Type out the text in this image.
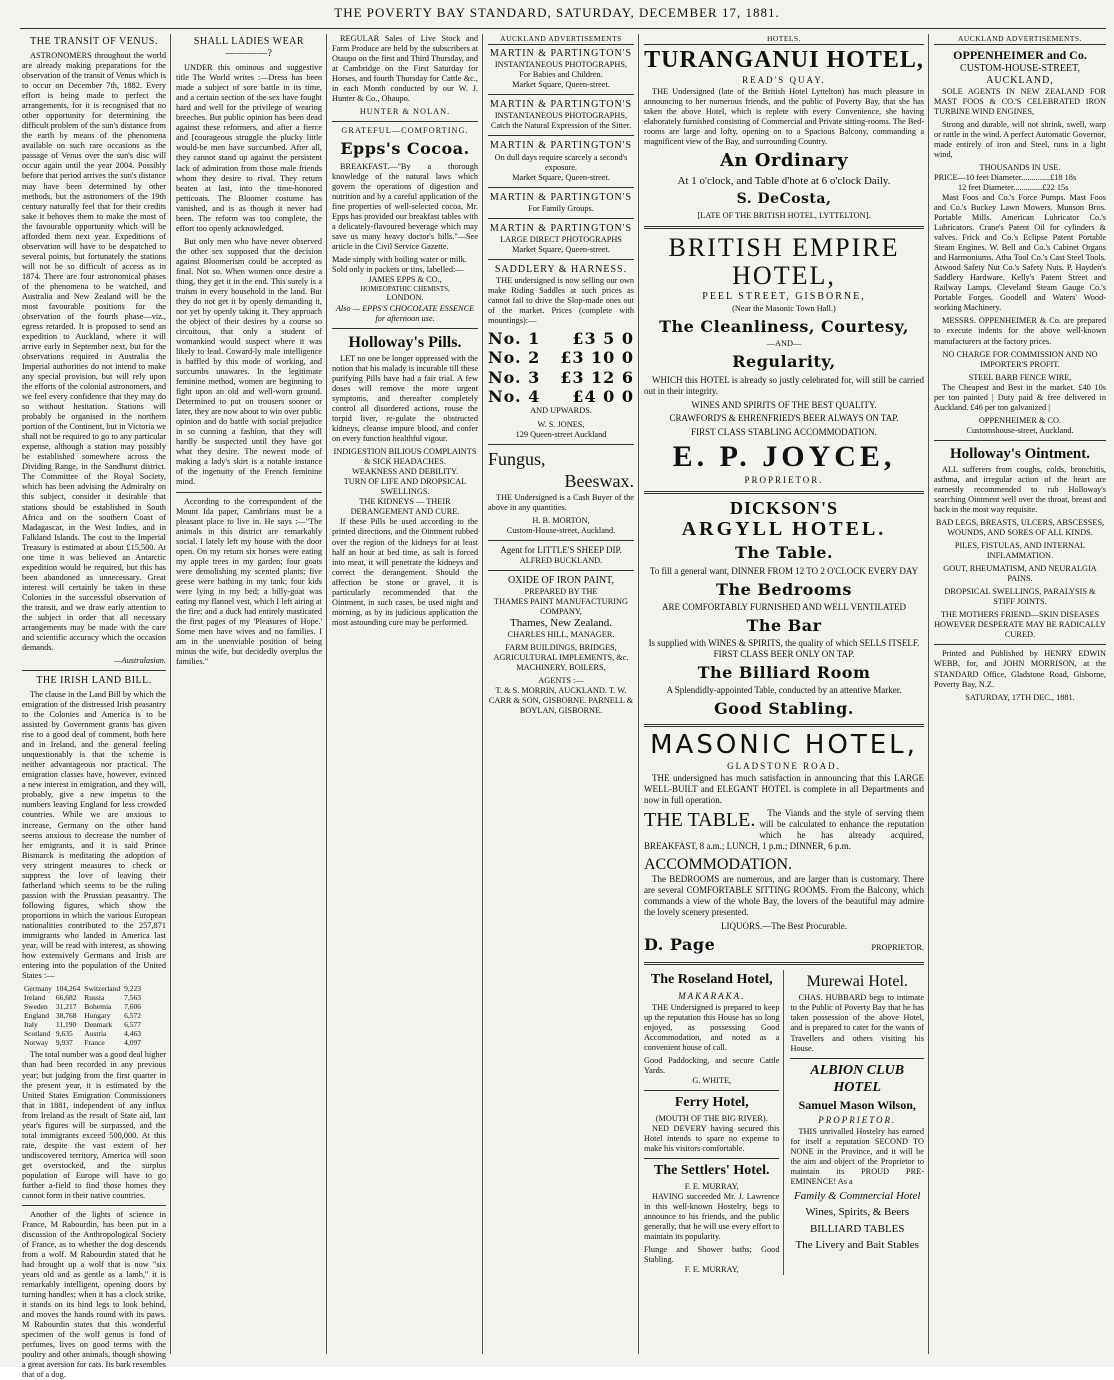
THE POVERTY BAY STANDARD, SATURDAY, DECEMBER 17, 1881.
THE TRANSIT OF VENUS.

ASTRONOMERS throughout the world are already making preparations for the observation of the transit of Venus which is to occur on December 7th, 1882. Every effort is being made to perfect the arrangements, for it is recognised that no other opportunity for determining the difficult problem of the sun's distance from the earth by means of the phenomena available on such rare occasions as the passage of Venus over the sun's disc will occur again until the year 2004. Possibly before that period arrives the sun's distance may have been determined by other methods, but the astronomers of the 19th century naturally feel that for their credits sake it behoves them to make the most of the favourable opportunity which will be afforded them next year. Expeditions of observation will have to be despatched to several points, but fortunately the stations will not be so difficult of access as in 1874. There are four astronomical phases of the phenomena to be watched, and Australia and New Zealand will be the most favourable positions for the observation of the fourth phase—viz., egress retarded. It is proposed to send an expedition to Auckland, where it will arrive early in September next, but for the observations required in Australia the Imperial authorities do not intend to make any special provision, but will rely upon the efforts of the colonial astronomers, and we feel every confidence that they may do so without hesitation. Stations will probably be organised in the northern portion of the Continent, but in Victoria we shall not be required to go to any particular expense, although a station may possibly be established somewhere across the Dividing Range, in the Sandhurst district. The Committee of the Royal Society, which has been advising the Admiralty on this subject, consider it desirable that stations should be established in South Africa and on the southern Coast of Madagascar, in the West Indies, and in Falkland Islands. The cost to the Imperial Treasury is estimated at about £15,500. At one time it was believed an Antarctic expedition would be required, but this has been abandoned as unnecessary. Great interest will certainly be taken in these Colonies in the successful observation of the transit, and we draw early attention to the subject in order that all necessary arrangements may be made with the care and scientific accuracy which the occasion demands.

—Australasian.
THE IRISH LAND BILL.

The clause in the Land Bill by which the emigration of the distressed Irish peasantry to the Colonies and America is to be assisted by Government grants has given rise to a good deal of comment, both here and in Ireland, and the general feeling unquestionably is that the scheme is neither advantageous nor practical. The emigration classes have, however, evinced a new interest in emigration, and they will, probably, give a new impetus to the numbers leaving England for less crowded countries. While we are anxious to increase, Germany on the other hand seems anxious to decrease the number of her emigrants, and it is said Prince Bismarck is meditating the adoption of very stringent measures to check or suppress the love of leaving their fatherland which seems to be the ruling passion with the Prussian peasantry. The following figures, which show the proportions in which the various European nationalities contributed to the 257,871 immigrants who landed in America last year, will be read with interest, as showing how extensively Germans and Irish are entering into the population of the United States :—

Germany	104,264	Switzerland	9,223
Ireland	66,682	Russia	7,563
Sweden	31,217	Bohemia	7,606
England	38,768	Hungary	6,572
Italy	11,190	Denmark	6,577
Scotland	9,635	Austria	4,463
Norway	9,937	France	4,097

The total number was a good deal higher than had been recorded in any previous year; but judging from the first quarter in the present year, it is estimated by the United States Emigration Commissioners that in 1881, independent of any influx from Ireland as the result of State aid, last year's figures will be surpassed, and the total immigrants exceed 500,000. At this rate, despite the vast extent of her undiscovered territory, America will soon get overstocked, and the surplus population of Europe will have to go further a-field to find those homes they cannot form in their native countries.

Another of the lights of science in France, M Rabourdin, has been put in a discussion of the Anthropological Society of France, as to whether the dog descends from a wolf. M Rabourdin stated that he had brought up a wolf that is now "six years old and as gentle as a lamb," it is remarkably intelligent, opening doors by turning handles; when it has a clock strike, it stands on its hind legs to look behind, and moves the hands round with its paws. M Rabourdin states that this wonderful specimen of the wolf genus is fond of perfumes, lives on good terms with the poultry and other animals, though showing a great aversion for cats. Its bark resembles that of a dog.

SHALL LADIES WEAR ————?

UNDER this ominous and suggestive title The World writes :—Dress has been made a subject of sore battle in its time, and a certain section of the sex have fought hard and well for the privilege of wearing breeches. But public opinion has been dead against these reformers, and after a fierce and [courageous struggle the plucky little would-be men have succumbed. After all, they cannot stand up against the persistent lack of admiration from those male friends whom they desire to rival. They return beaten at last, into the time-honored petticoats. The Bloomer costume has vanished, and is as though it never had been. The reform was too complete, the effort too openly acknowledged.

But only men who have never observed the other sex supposed that the decision against Bloomerism could be accepted as final. Not so. When women once desire a thing, they get it in the end. This surely is a truism in every household in the land. But they do not get it by openly demanding it, nor yet by openly taking it. They approach the object of their desires by a course so circuitous, that only a student of womankind would suspect where it was likely to lead. Coward-ly male intelligence is baffled by this mode of working, and succumbs unawares. In the legitimate feminine method, women are beginning to fight upon an old and well-worn ground. Determined to put on trousers sooner or later, they are now about to win over public opinion and do battle with social prejudice in so cunning a fashion, that they will hardly be suspected until they have got what they desire. The newest mode of making a lady's skirt is a notable instance of the ingenuity of the French feminine mind.

According to the correspondent of the Mount Ida paper, Cambrians must be a pleasant place to live in. He says :—"The animals in this district are remarkably social. I lately left my house with the door open. On my return six horses were eating my apple trees in my garden; four goats were demolishing my scented plants; five geese were bathing in my tank; four kids were lying in my bed; a billy-goat was eating my flannel vest, which I left airing at the fire; and a duck had entirely masticated the first pages of my 'Pleasures of Hope.' Some men have wives and no families. I am in the unenviable position of being minus the wife, but decidedly overplus the families."

REGULAR Sales of Live Stock and Farm Produce are held by the subscribers at Otaupo on the first and Third Thursday, and at Cambridge on the First Saturday for Horses, and fourth Thursday for Cattle &c., in each Month conducted by our W. J. Hunter & Co., Ohaupo.

HUNTER & NOLAN.
GRATEFUL—COMFORTING.
Epps's Cocoa.

BREAKFAST.—"By a thorough knowledge of the natural laws which govern the operations of digestion and nutrition and by a careful application of the fine properties of well-selected cocoa, Mr. Epps has provided our breakfast tables with a delicately-flavoured beverage which may save us many heavy doctor's bills."—See article in the Civil Service Gazette.

Made simply with boiling water or milk.
Sold only in packets or tins, labelled:—
JAMES EPPS & CO.,
HOMŒOPATHIC CHEMISTS,
LONDON.
Also — EPPS'S CHOCOLATE ESSENCE for afternoon use.
Holloway's Pills.

LET no one be longer oppressed with the notion that his malady is incurable till these purifying Pills have had a fair trial. A few doses will remove the more urgent symptoms, and thereafter completely control all disordered actions, rouse the torpid liver, re-gulate the obstructed kidneys, cleanse impure blood, and confer on every function healthful vigour.

INDIGESTION BILIOUS COMPLAINTS & SICK HEADACHES.
WEAKNESS AND DEBILITY.
TURN OF LIFE AND DROPSICAL SWELLINGS.
THE KIDNEYS — THEIR DERANGEMENT AND CURE.

If these Pills be used according to the printed directions, and the Ointment rubbed over the region of the kidneys for at least half an hour at bed time, as salt is forced into meat, it will penetrate the kidneys and correct the derangement. Should the affection be stone or gravel, it is particularly recommended that the Ointment, in such cases, be used night and morning, as by its judicious application the most astounding cure may be performed.

AUCKLAND ADVERTISEMENTS
MARTIN & PARTINGTON'S
INSTANTANEOUS PHOTOGRAPHS,
For Babies and Children.
Market Square, Queen-street.
MARTIN & PARTINGTON'S
INSTANTANEOUS PHOTOGRAPHS,
Catch the Natural Expression of the Sitter.
MARTIN & PARTINGTON'S
On dull days require scarcely a second's exposure.
Market Square, Queen-street.
MARTIN & PARTINGTON'S
For Family Groups.
MARTIN & PARTINGTON'S
LARGE DIRECT PHOTOGRAPHS
Market Square, Queen-street.
SADDLERY & HARNESS.

THE undersigned is now selling our own make Riding Saddles at such prices as cannot fail to drive the Slop-made ones out of the market. Prices (complete with mountings):—

No. 1 £3 5 0
No. 2 £3 10 0
No. 3 £3 12 6
No. 4 £4 0 0
AND UPWARDS.
W. S. JONES,
129 Queen-street Auckland
Fungus,
Beeswax.

THE Undersigned is a Cash Buyer of the above in any quantities.

H. B. MORTON,
Custom-House-street, Auckland.
Agent for LITTLE'S SHEEP DIP.
ALFRED BUCKLAND.
OXIDE OF IRON PAINT,
PREPARED BY THE
THAMES PAINT MANUFACTURING COMPANY,
Thames, New Zealand.
CHARLES HILL, MANAGER.
FARM BUILDINGS, BRIDGES, AGRICULTURAL IMPLEMENTS, &c. MACHINERY, BOILERS,
AGENTS :—
T. & S. MORRIN, AUCKLAND. T. W. CARR & SON, GISBORNE. PARNELL & BOYLAN, GISBORNE.
HOTELS.
TURANGANUI HOTEL,
READ'S QUAY.

THE Undersigned (late of the British Hotel Lyttelton) has much pleasure in announcing to her numerous friends, and the public of Poverty Bay, that she has taken the above Hotel, which is replete with every Convenience, she having elaborately furnished consisting of Commercial and Private sitting-rooms. The Bed-rooms are large and lofty, opening on to a Spacious Balcony, commanding a magnificent view of the Bay, and surrounding Country.

An Ordinary
At 1 o'clock, and Table d'hote at 6 o'clock Daily.
S. DeCosta,
[LATE OF THE BRITISH HOTEL, LYTTELTON].
BRITISH EMPIRE HOTEL,
PEEL STREET, GISBORNE,
(Near the Masonic Town Hall.)
The Cleanliness, Courtesy,
—AND—
Regularity,

WHICH this HOTEL is already so justly celebrated for, will still be carried out in their integrity.

WINES AND SPIRITS OF THE BEST QUALITY.
CRAWFORD'S & EHRENFRIED'S BEER ALWAYS ON TAP.
FIRST CLASS STABLING ACCOMMODATION.
E. P. JOYCE,
PROPRIETOR.
DICKSON'S
ARGYLL HOTEL.
The Table.
To fill a general want, DINNER FROM 12 TO 2 O'CLOCK EVERY DAY
The Bedrooms
ARE COMFORTABLY FURNISHED AND WELL VENTILATED
The Bar
Is supplied with WINES & SPIRITS, the quality of which SELLS ITSELF. FIRST CLASS BEER ONLY ON TAP.
The Billiard Room
A Splendidly-appointed Table, conducted by an attentive Marker.
Good Stabling.
MASONIC HOTEL,
GLADSTONE ROAD.

THE undersigned has much satisfaction in announcing that this LARGE WELL-BUILT and ELEGANT HOTEL is complete in all Departments and now in full operation.

THE TABLE.	The Viands and the style of serving them will be calculated to enhance the reputation which he has already acquired, BREAKFAST, 8 a.m.; LUNCH, 1 p.m.; DINNER, 6 p.m.

ACCOMMODATION.

The BEDROOMS are numerous, and are larger than is customary. There are several COMFORTABLE SITTING ROOMS. From the Balcony, which commands a view of the whole Bay, the lovers of the beautiful may admire the lovely scenery presented.

LIQUORS.—The Best Procurable.
D. Page	PROPRIETOR.
The Roseland Hotel,
MAKARAKA.

THE Undersigned is prepared to keep up the reputation this House has so long enjoyed, as possessing Good Accommodation, and noted as a convenient house of call.

Good Paddocking, and secure Cattle Yards.
G. WHITE,
Ferry Hotel,
(MOUTH OF THE BIG RIVER).

NED DEVERY having secured this Hotel intends to spare no expense to make his visitors comfortable.

The Settlers' Hotel.
F. E. MURRAY,

HAVING succeeded Mr. J. Lawrence in this well-known Hostelry, begs to announce to his friends, and the public generally, that he will use every effort to maintain its popularity.

Flunge and Shower baths; Good Stabling.
F. E. MURRAY,
Murewai Hotel.

CHAS. HUBBARD begs to intimate to the Public of Poverty Bay that he has taken possession of the above Hotel, and is prepared to cater for the wants of Travellers and others visiting his House.

ALBION CLUB HOTEL
Samuel Mason Wilson,
PROPRIETOR.

THIS unrivalled Hostelry has earned for itself a reputation SECOND TO NONE in the Province, and it will be the aim and object of the Proprietor to maintain its PROUD PRE-EMINENCE! As a

Family & Commercial Hotel
Wines, Spirits, & Beers
BILLIARD TABLES
The Livery and Bait Stables
AUCKLAND ADVERTISEMENTS.
OPPENHEIMER and Co.
CUSTOM-HOUSE-STREET,
AUCKLAND,

SOLE AGENTS IN NEW ZEALAND FOR MAST FOOS & CO.'S CELEBRATED IRON TURBINE WIND ENGINES,

Strong and durable, will not shrink, swell, warp or rattle in the wind. A perfect Automatic Governor, made entirely of iron and Steel, runs in a light wind,

THOUSANDS IN USE.
PRICE—10 feet Diameter..............£18 18s
12 feet Diameter..............£22 15s

Mast Foos and Co.'s Force Pumps. Mast Foos and Co.'s Buckey Lawn Mowers. Munson Bros. Portable Mills. American Lubricator Co.'s Lubricators. Crane's Patent Oil for cylinders & valves. Frick and Co.'s Eclipse Patent Portable Steam Engines. W. Bell and Co.'s Cabinet Organs and Harmoniums. Atha Tool Co.'s Cast Steel Tools. Atwood Safety Nut Co.'s Safety Nuts. P. Hayden's Saddlery Hardware. Kelly's Patent Street and Railway Lamps. Cleveland Steam Gauge Co.'s Portable Forges. Goodell and Waters' Wood-working Machinery.

MESSRS. OPPENHEIMER & Co. are prepared to execute indents for the above well-known manufacturers at the factory prices.

NO CHARGE FOR COMMISSION AND NO IMPORTER'S PROFIT.
STEEL BARB FENCE WIRE,

The Cheapest and Best in the market. £40 10s per ton painted | Duty paid & free delivered in Auckland. £46 per ton galvanized |

OPPENHEIMER & CO.
Customshouse-street, Auckland.
Holloway's Ointment.

ALL sufferers from coughs, colds, bronchitis, asthma, and irregular action of the heart are earnestly recommended to rub Holloway's searching Ointment well over the throat, breast and back in the most way requisite.

BAD LEGS, BREASTS, ULCERS, ABSCESSES, WOUNDS, AND SORES OF ALL KINDS.
PILES, FISTULAS, AND INTERNAL INFLAMMATION.
GOUT, RHEUMATISM, AND NEURALGIA PAINS.
DROPSICAL SWELLINGS, PARALYSIS & STIFF JOINTS.
THE MOTHERS FRIEND—SKIN DISEASES HOWEVER DESPERATE MAY BE RADICALLY CURED.

Printed and Published by HENRY EDWIN WEBB, for, and JOHN MORRISON, at the STANDARD Office, Gladstone Road, Gisborne, Poverty Bay, N.Z.

SATURDAY, 17TH DEC., 1881.
